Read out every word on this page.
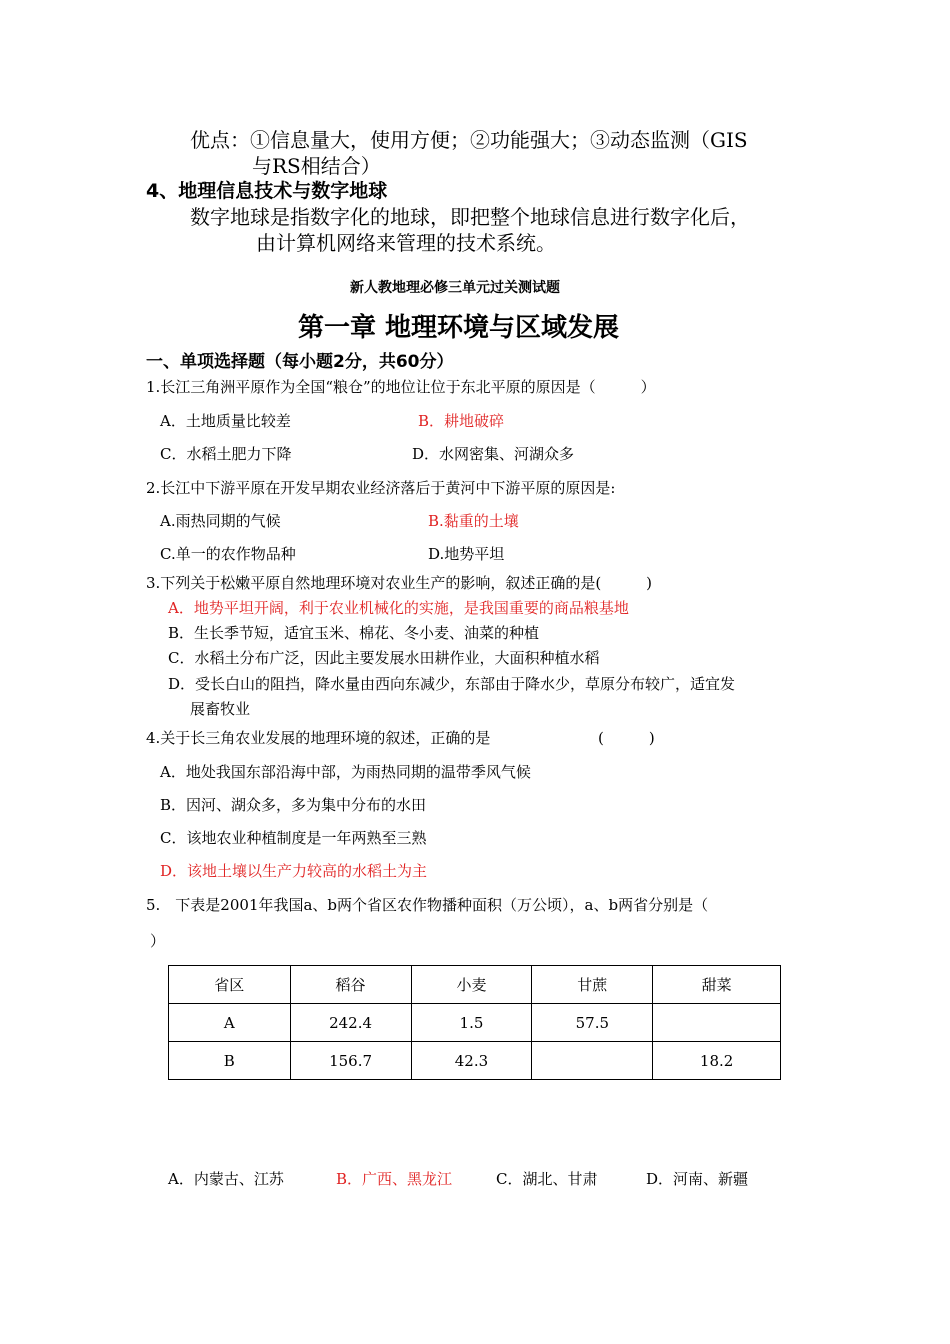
优点：①信息量大，使用方便；②功能强大；③动态监测（GIS
与RS相结合）
4、地理信息技术与数字地球
数字地球是指数字化的地球，即把整个地球信息进行数字化后，
由计算机网络来管理的技术系统。
新人教地理必修三单元过关测试题
第一章 地理环境与区域发展
一、单项选择题（每小题2分，共60分）
1.长江三角洲平原作为全国“粮仓”的地位让位于东北平原的原因是（　　　）
A．土地质量比较差	B．耕地破碎
C．水稻土肥力下降	D．水网密集、河湖众多
2.长江中下游平原在开发早期农业经济落后于黄河中下游平原的原因是:
A.雨热同期的气候	B.黏重的土壤
C.单一的农作物品种	D.地势平坦
3.下列关于松嫩平原自然地理环境对农业生产的影响，叙述正确的是(　　　)
A．地势平坦开阔，利于农业机械化的实施，是我国重要的商品粮基地
B．生长季节短，适宜玉米、棉花、冬小麦、油菜的种植
C．水稻土分布广泛，因此主要发展水田耕作业，大面积种植水稻
D．受长白山的阻挡，降水量由西向东减少，东部由于降水少，草原分布较广，适宜发
展畜牧业
4.关于长三角农业发展的地理环境的叙述，正确的是	(　　　)
A．地处我国东部沿海中部，为雨热同期的温带季风气候
B．因河、湖众多，多为集中分布的水田
C．该地农业种植制度是一年两熟至三熟
D．该地土壤以生产力较高的水稻土为主
5.　下表是2001年我国a、b两个省区农作物播种面积（万公顷），a、b两省分别是（
）
省区	稻谷	小麦	甘蔗	甜菜
A	242.4	1.5	57.5	
B	156.7	42.3		18.2
A．内蒙古、江苏	B．广西、黑龙江	C．湖北、甘肃	D．河南、新疆
